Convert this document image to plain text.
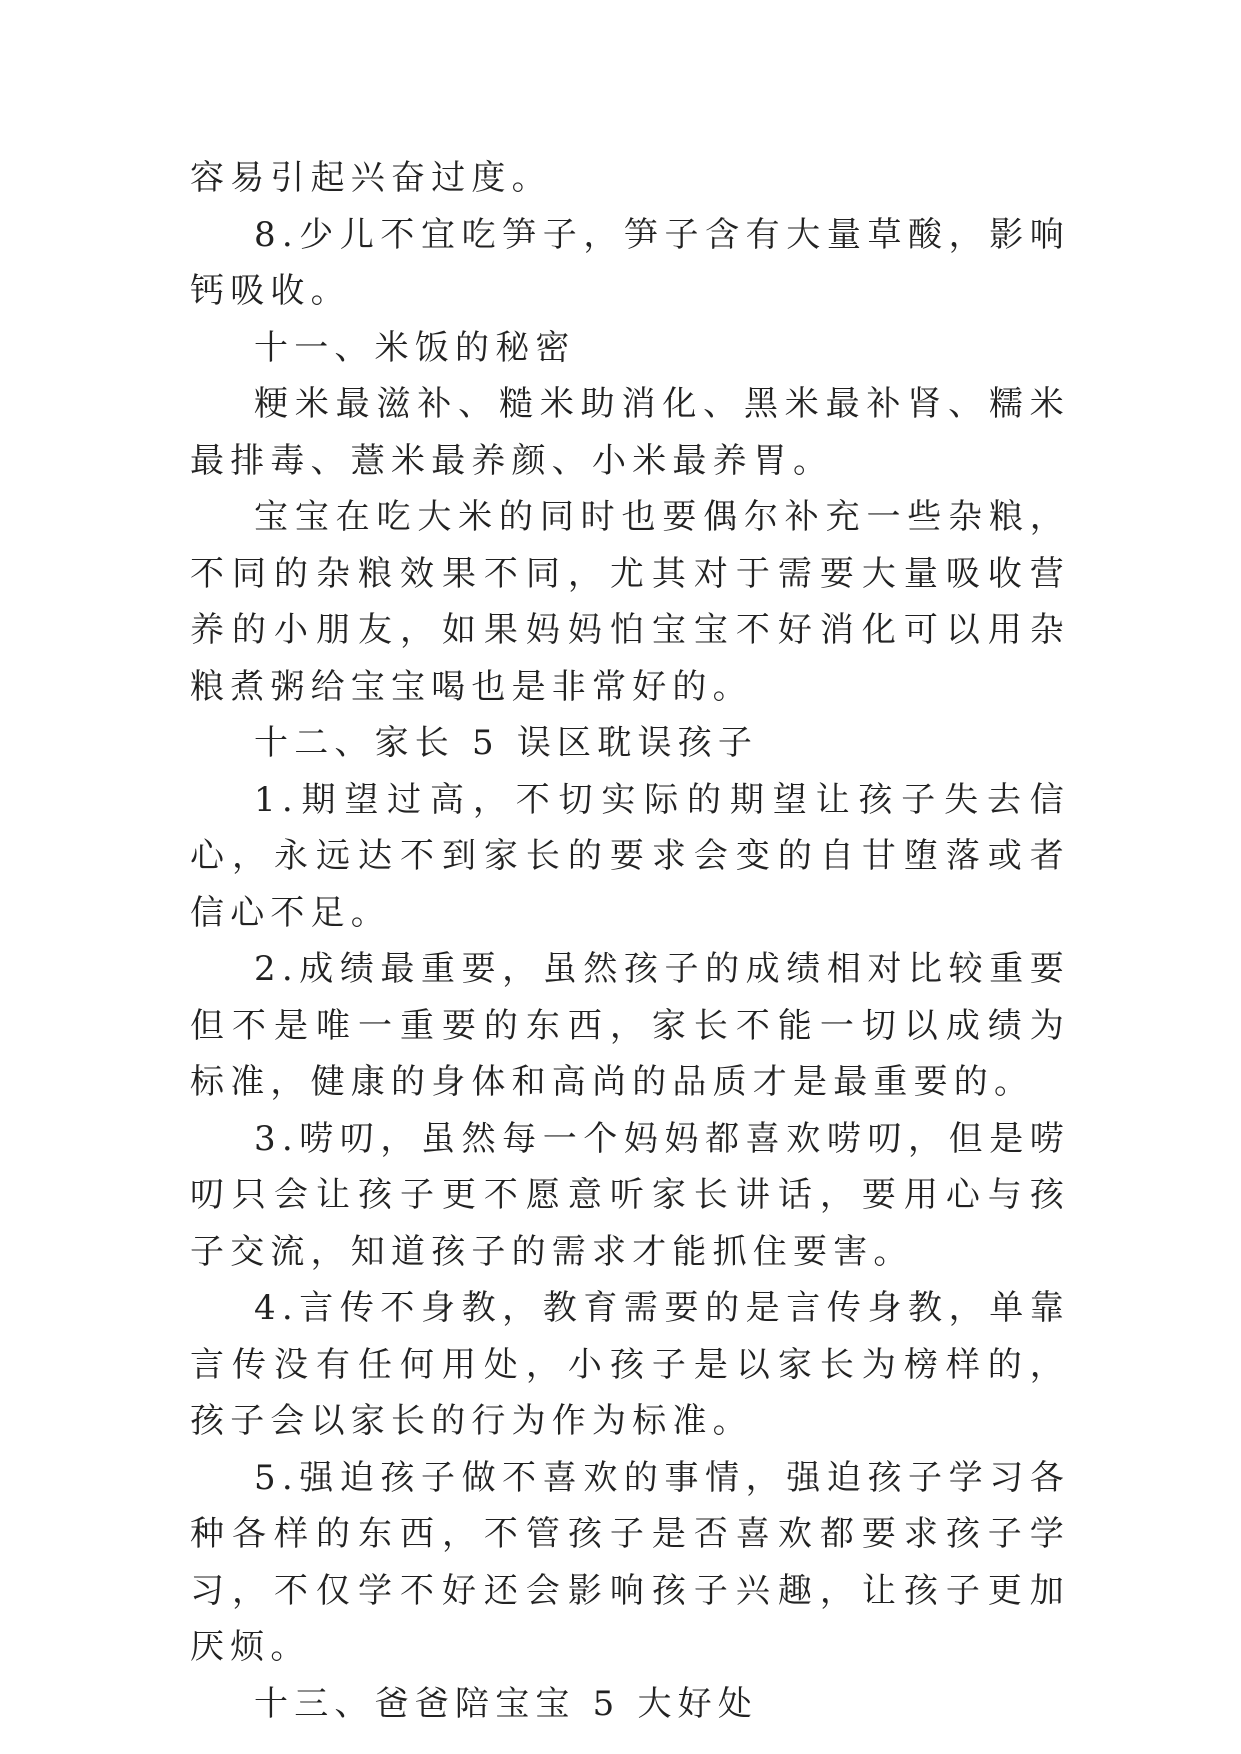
容易引起兴奋过度。

8.少儿不宜吃笋子，笋子含有大量草酸，影响钙吸收。

十一、米饭的秘密

粳米最滋补、糙米助消化、黑米最补肾、糯米最排毒、薏米最养颜、小米最养胃。

宝宝在吃大米的同时也要偶尔补充一些杂粮，不同的杂粮效果不同，尤其对于需要大量吸收营养的小朋友，如果妈妈怕宝宝不好消化可以用杂粮煮粥给宝宝喝也是非常好的。

十二、家长 5 误区耽误孩子

1.期望过高，不切实际的期望让孩子失去信心，永远达不到家长的要求会变的自甘堕落或者信心不足。

2.成绩最重要，虽然孩子的成绩相对比较重要但不是唯一重要的东西，家长不能一切以成绩为标准，健康的身体和高尚的品质才是最重要的。

3.唠叨，虽然每一个妈妈都喜欢唠叨，但是唠叨只会让孩子更不愿意听家长讲话，要用心与孩子交流，知道孩子的需求才能抓住要害。

4.言传不身教，教育需要的是言传身教，单靠言传没有任何用处，小孩子是以家长为榜样的，孩子会以家长的行为作为标准。

5.强迫孩子做不喜欢的事情，强迫孩子学习各种各样的东西，不管孩子是否喜欢都要求孩子学习，不仅学不好还会影响孩子兴趣，让孩子更加厌烦。

十三、爸爸陪宝宝 5 大好处
